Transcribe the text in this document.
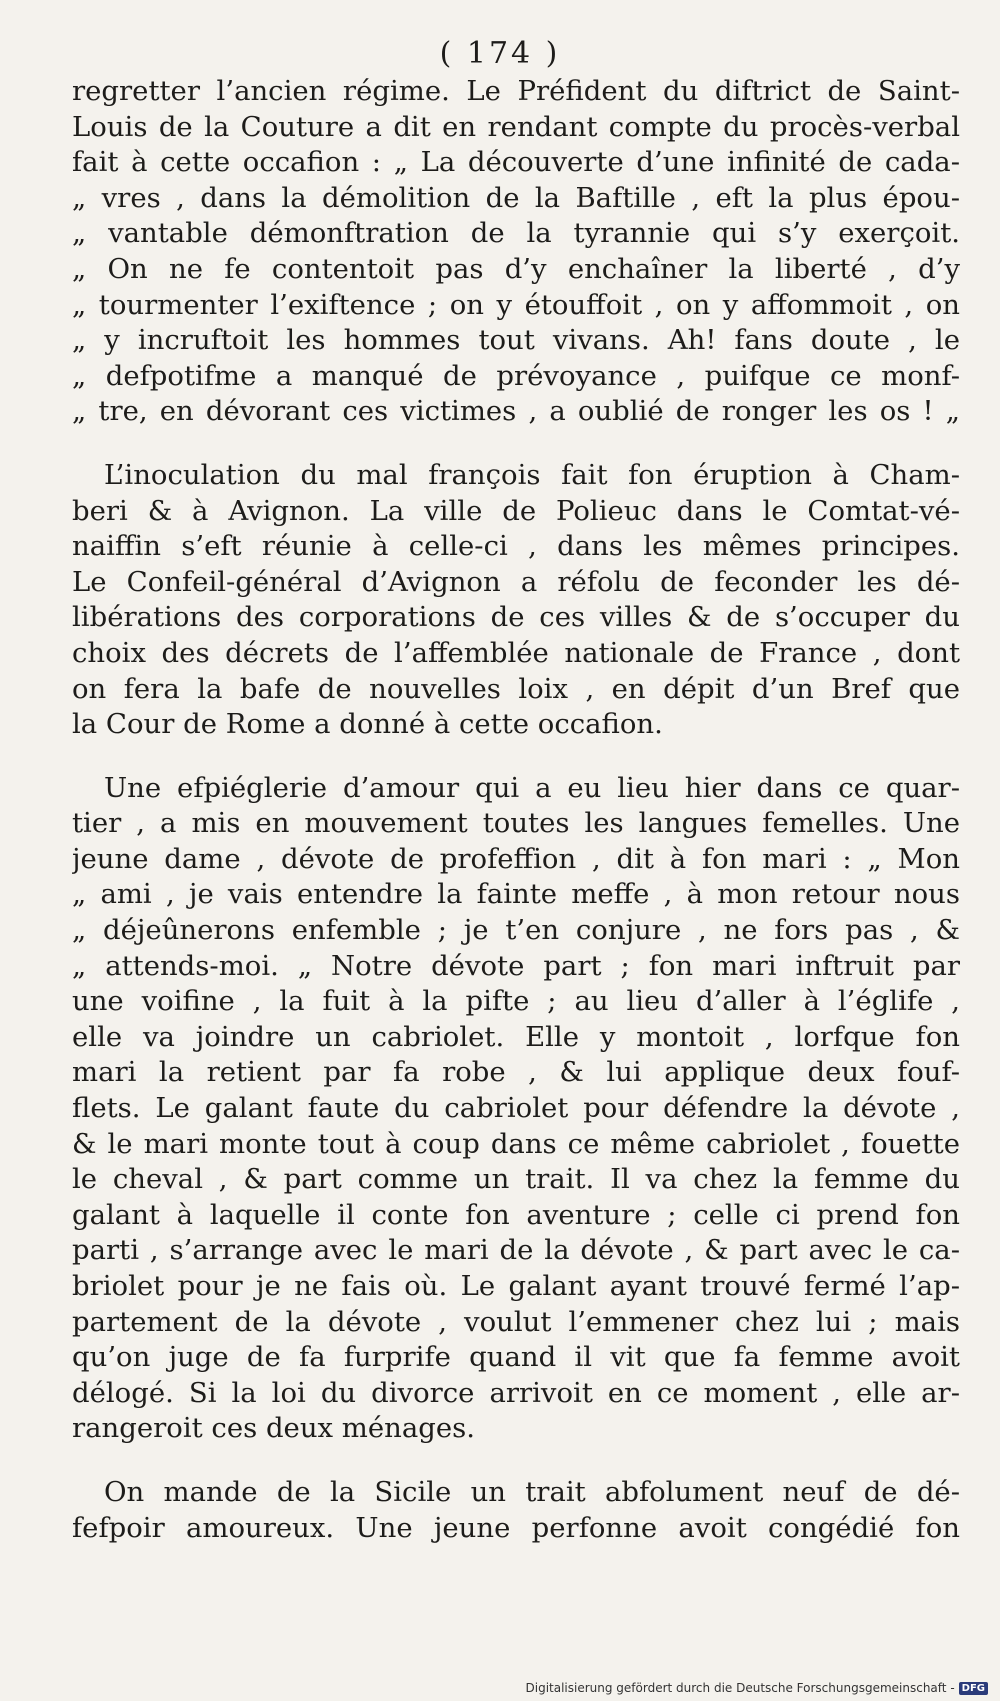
( 174 )
regretter l’ancien régime. Le Préfident du diftrict de Saint-
Louis de la Couture a dit en rendant compte du procès-verbal
fait à cette occafion : „ La découverte d’une infinité de cada-
„ vres , dans la démolition de la Baftille , eft la plus épou-
„ vantable démonftration de la tyrannie qui s’y exerçoit.
„ On ne fe contentoit pas d’y enchaîner la liberté , d’y
„ tourmenter l’exiftence ; on y étouffoit , on y affommoit , on
„ y incruftoit les hommes tout vivans. Ah! fans doute , le
„ defpotifme a manqué de prévoyance , puifque ce monf-
„ tre, en dévorant ces victimes , a oublié de ronger les os ! „
L’inoculation du mal françois fait fon éruption à Cham-
beri & à Avignon. La ville de Polieuc dans le Comtat-vé-
naiffin s’eft réunie à celle-ci , dans les mêmes principes.
Le Confeil-général d’Avignon a réfolu de feconder les dé-
libérations des corporations de ces villes & de s’occuper du
choix des décrets de l’affemblée nationale de France , dont
on fera la bafe de nouvelles loix , en dépit d’un Bref que
la Cour de Rome a donné à cette occafion.
Une efpiéglerie d’amour qui a eu lieu hier dans ce quar-
tier , a mis en mouvement toutes les langues femelles. Une
jeune dame , dévote de profeffion , dit à fon mari : „ Mon
„ ami , je vais entendre la fainte meffe , à mon retour nous
„ déjeûnerons enfemble ; je t’en conjure , ne fors pas , &
„ attends-moi. „ Notre dévote part ; fon mari inftruit par
une voifine , la fuit à la pifte ; au lieu d’aller à l’églife ,
elle va joindre un cabriolet. Elle y montoit , lorfque fon
mari la retient par fa robe , & lui applique deux fouf-
flets. Le galant faute du cabriolet pour défendre la dévote ,
& le mari monte tout à coup dans ce même cabriolet , fouette
le cheval , & part comme un trait. Il va chez la femme du
galant à laquelle il conte fon aventure ; celle ci prend fon
parti , s’arrange avec le mari de la dévote , & part avec le ca-
briolet pour je ne fais où. Le galant ayant trouvé fermé l’ap-
partement de la dévote , voulut l’emmener chez lui ; mais
qu’on juge de fa furprife quand il vit que fa femme avoit
délogé. Si la loi du divorce arrivoit en ce moment , elle ar-
rangeroit ces deux ménages.
On mande de la Sicile un trait abfolument neuf de dé-
fefpoir amoureux. Une jeune perfonne avoit congédié fon
Digitalisierung gefördert durch die Deutsche Forschungsgemeinschaft - DFG
